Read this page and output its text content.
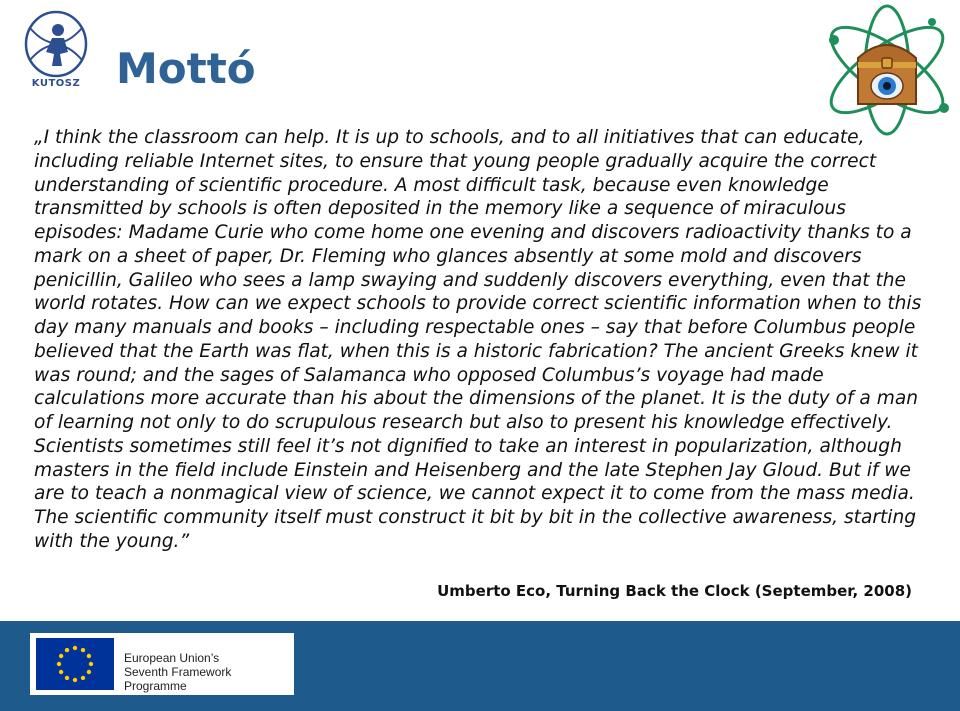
KUTOSZ Mottó

„I think the classroom can help. It is up to schools, and to all initiatives that can educate, including reliable Internet sites, to ensure that young people gradually acquire the correct understanding of scientific procedure. A most difficult task, because even knowledge transmitted by schools is often deposited in the memory like a sequence of miraculous episodes: Madame Curie who come home one evening and discovers radioactivity thanks to a mark on a sheet of paper, Dr. Fleming who glances absently at some mold and discovers penicillin, Galileo who sees a lamp swaying and suddenly discovers everything, even that the world rotates. How can we expect schools to provide correct scientific information when to this day many manuals and books – including respectable ones – say that before Columbus people believed that the Earth was flat, when this is a historic fabrication? The ancient Greeks knew it was round; and the sages of Salamanca who opposed Columbus’s voyage had made calculations more accurate than his about the dimensions of the planet. It is the duty of a man of learning not only to do scrupulous research but also to present his knowledge effectively. Scientists sometimes still feel it’s not dignified to take an interest in popularization, although masters in the field include Einstein and Heisenberg and the late Stephen Jay Gloud. But if we are to teach a nonmagical view of science, we cannot expect it to come from the mass media. The scientific community itself must construct it bit by bit in the collective awareness, starting with the young.”

Umberto Eco, Turning Back the Clock (September, 2008)

European Union’s
Seventh Framework Programme
